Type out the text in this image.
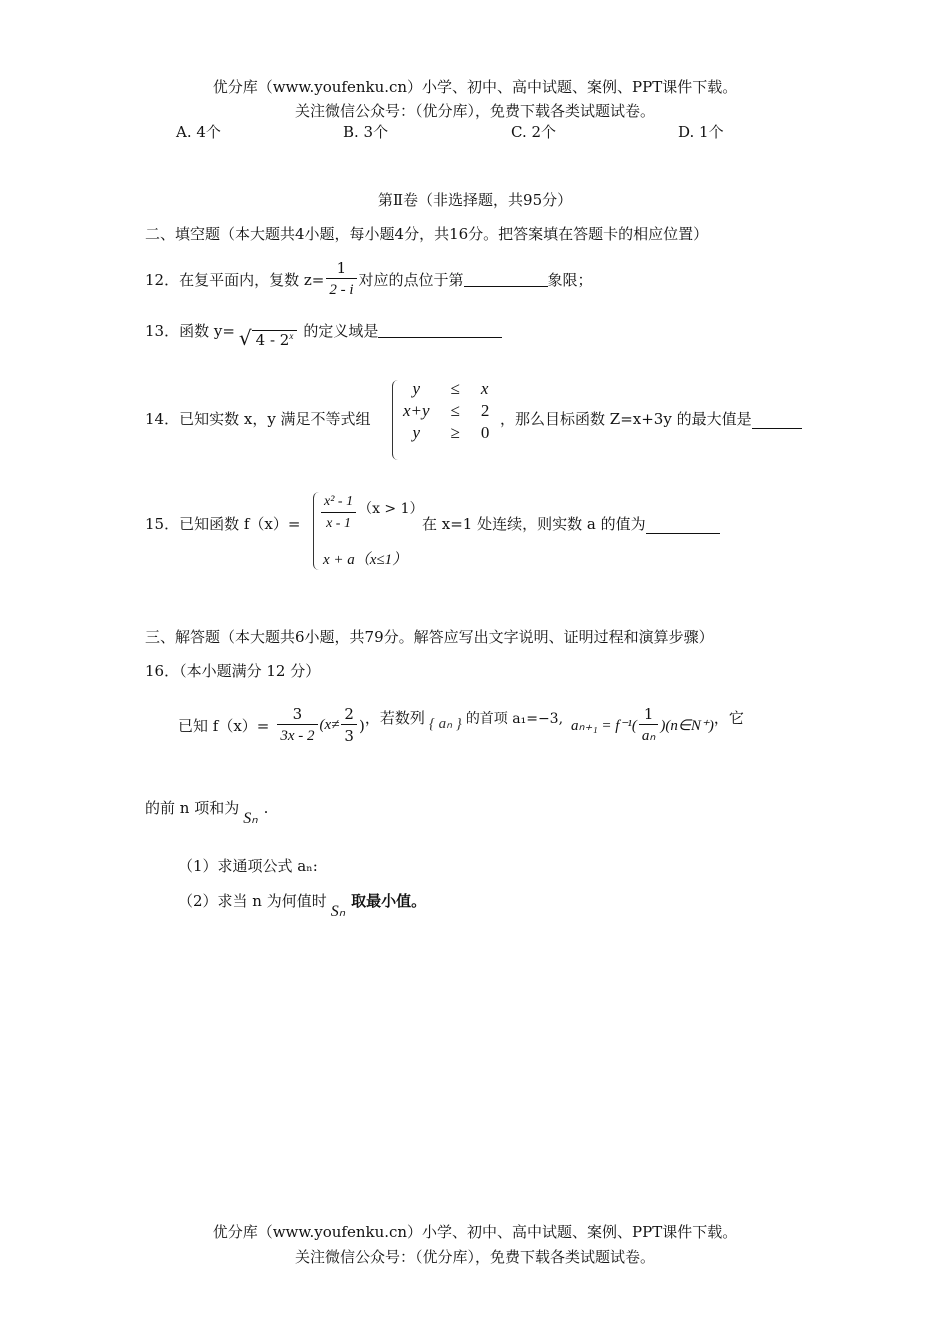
优分库（www.youfenku.cn）小学、初中、高中试题、案例、PPT课件下载。
关注微信公众号：（优分库），免费下载各类试题试卷。
A. 4个	B. 3个	C. 2个	D. 1个
第Ⅱ卷（非选择题，共95分）
二、填空题（本大题共4小题，每小题4分，共16分。把答案填在答题卡的相应位置）
12．在复平面内，复数 $z= \frac{1}{2 - i}$ 对应的点位于第	象限；
13．函数 y= √ 4 - 2$^x$ 的定义域是
14．已知实数 x，y 满足不等式组
y	≤	x
x+y	≤	2
y	≥	0
，那么目标函数 Z=x+3y 的最大值是
15．已知函数 $f(x)= \frac{\text{x² - 1}}{x - 1} (x > 1)$
x + a（x≤1）
在 x=1 处连续，则实数 a 的值为
三、解答题（本大题共6小题，共79分。解答应写出文字说明、证明过程和演算步骤）
16．（本小题满分 12 分）
已知 $f(x)= \frac{3}{3x - 2} (x\ne \frac{2}{3}$ ) ，若数列 { aₙ } 的首项 a₁=−3, $a_{n+1} = f^{-1}( \frac{1}{\text{aₙ}}$ )(n∈N⁺) ，它
的前 n 项和为
Sₙ
.
（1）求通项公式 aₙ:
（2）求当 n 为何值时
Sₙ
取最小值。
优分库（www.youfenku.cn）小学、初中、高中试题、案例、PPT课件下载。
关注微信公众号：（优分库），免费下载各类试题试卷。
